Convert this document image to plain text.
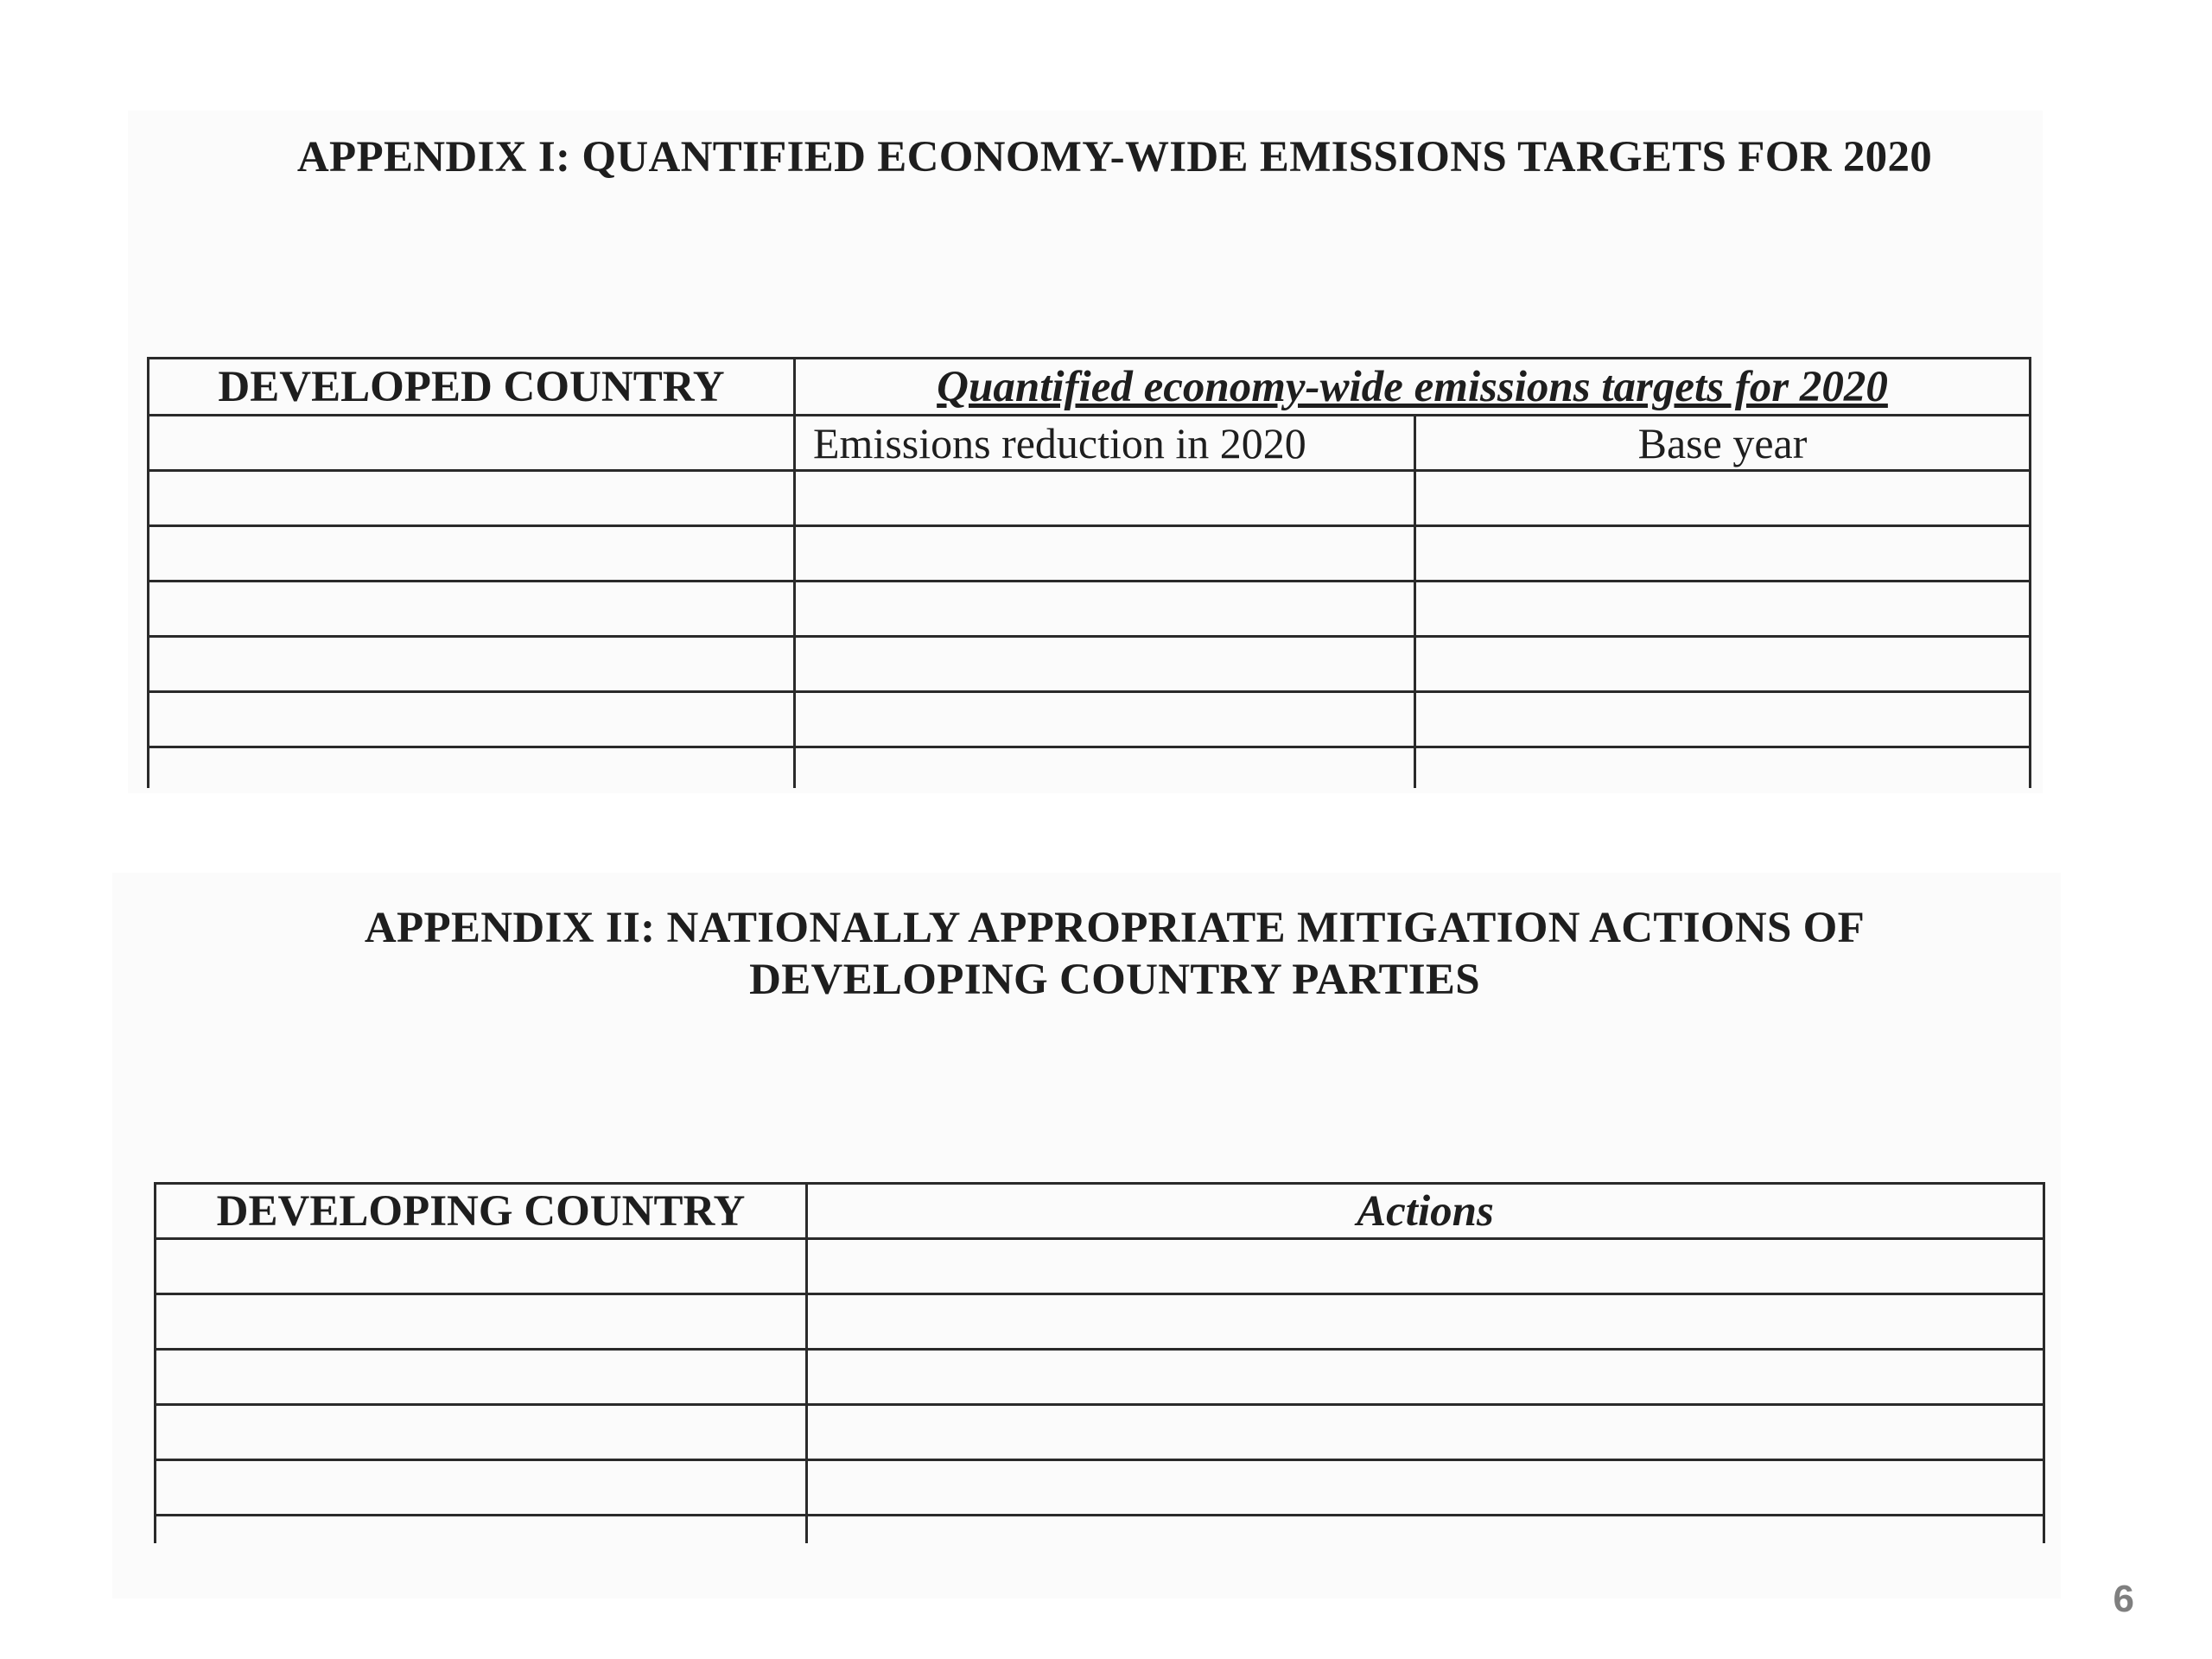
APPENDIX I: QUANTIFIED ECONOMY-WIDE EMISSIONS TARGETS FOR 2020
DEVELOPED COUNTRY	Quantified economy-wide emissions targets for 2020	
	Emissions reduction in 2020	Base year

APPENDIX II: NATIONALLY APPROPRIATE MITIGATION ACTIONS OF
DEVELOPING COUNTRY PARTIES
DEVELOPING COUNTRY	Actions

6
